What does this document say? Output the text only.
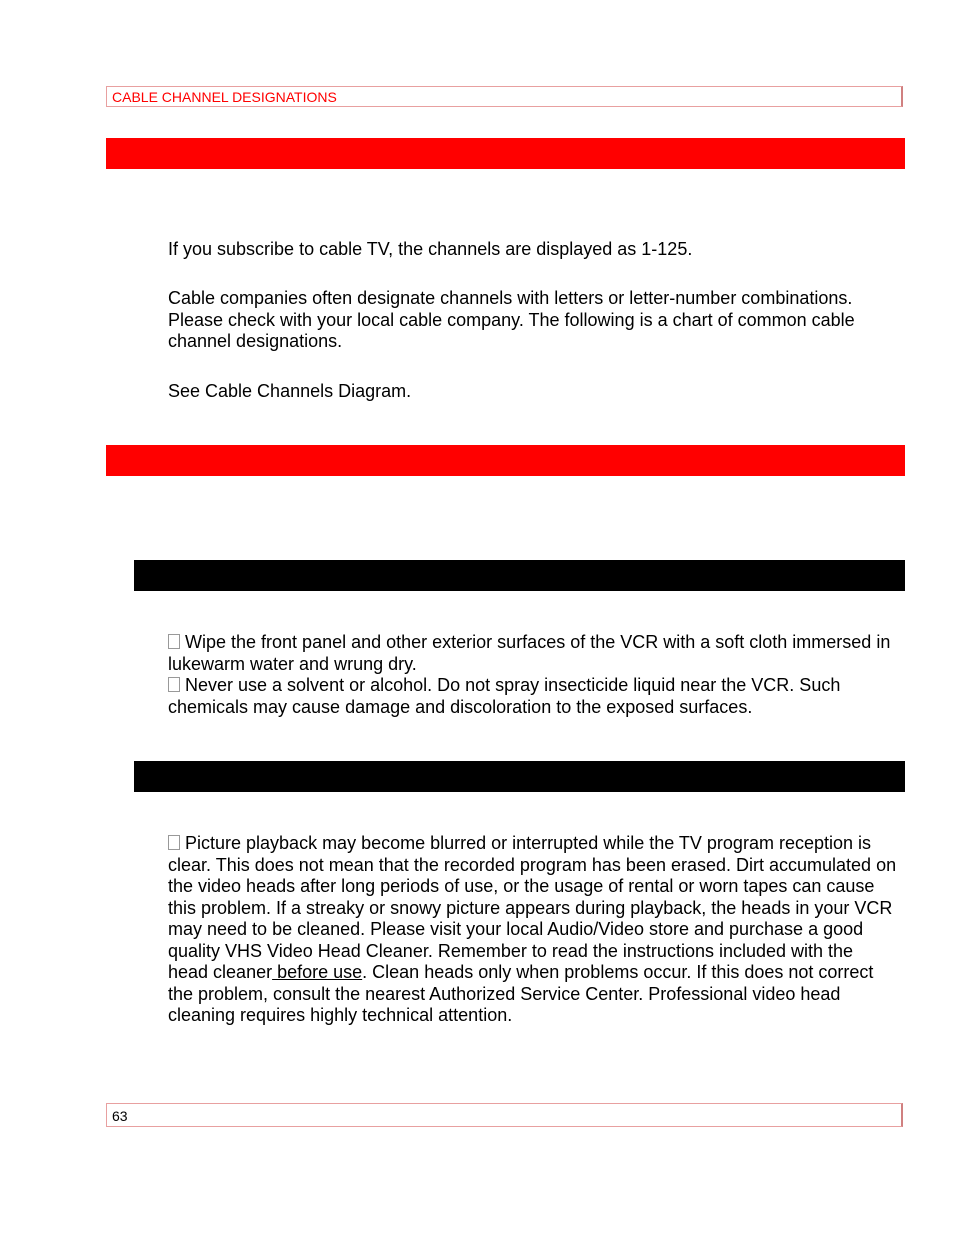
CABLE CHANNEL DESIGNATIONS

If you subscribe to cable TV, the channels are displayed as 1-125.

Cable companies often designate channels with letters or letter-number combinations. Please check with your local cable company. The following is a chart of common cable channel designations.

See Cable Channels Diagram.

Wipe the front panel and other exterior surfaces of the VCR with a soft cloth immersed in lukewarm water and wrung dry.
Never use a solvent or alcohol. Do not spray insecticide liquid near the VCR. Such chemicals may cause damage and discoloration to the exposed surfaces.
Picture playback may become blurred or interrupted while the TV program reception is clear. This does not mean that the recorded program has been erased. Dirt accumulated on the video heads after long periods of use, or the usage of rental or worn tapes can cause this problem. If a streaky or snowy picture appears during playback, the heads in your VCR may need to be cleaned. Please visit your local Audio/Video store and purchase a good quality VHS Video Head Cleaner. Remember to read the instructions included with the head cleaner before use. Clean heads only when problems occur. If this does not correct the problem, consult the nearest Authorized Service Center. Professional video head cleaning requires highly technical attention.
63
